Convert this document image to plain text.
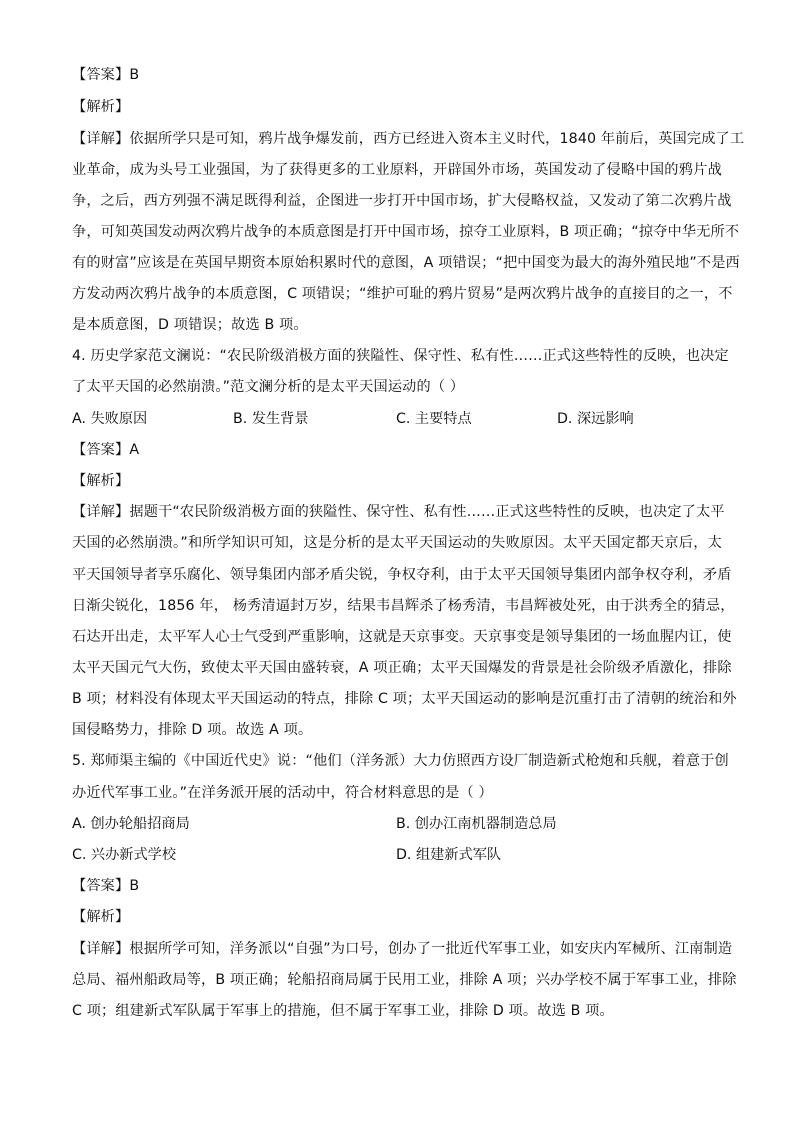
【答案】B
【解析】
【详解】依据所学只是可知，鸦片战争爆发前，西方已经进入资本主义时代，1840 年前后，英国完成了工
业革命，成为头号工业强国，为了获得更多的工业原料，开辟国外市场，英国发动了侵略中国的鸦片战
争，之后，西方列强不满足既得利益，企图进一步打开中国市场，扩大侵略权益，又发动了第二次鸦片战
争，可知英国发动两次鸦片战争的本质意图是打开中国市场，掠夺工业原料，B 项正确；“掠夺中华无所不
有的财富”应该是在英国早期资本原始积累时代的意图，A 项错误；“把中国变为最大的海外殖民地”不是西
方发动两次鸦片战争的本质意图，C 项错误；“维护可耻的鸦片贸易”是两次鸦片战争的直接目的之一，不
是本质意图，D 项错误；故选 B 项。
4. 历史学家范文澜说：“农民阶级消极方面的狭隘性、保守性、私有性……正式这些特性的反映，也决定
了太平天国的必然崩溃。”范文澜分析的是太平天国运动的（ ）
A. 失败原因	B. 发生背景	C. 主要特点	D. 深远影响
【答案】A
【解析】
【详解】据题干“农民阶级消极方面的狭隘性、保守性、私有性……正式这些特性的反映，也决定了太平
天国的必然崩溃。”和所学知识可知，这是分析的是太平天国运动的失败原因。太平天国定都天京后，太
平天国领导者享乐腐化、领导集团内部矛盾尖锐，争权夺利，由于太平天国领导集团内部争权夺利，矛盾
日渐尖锐化，1856 年， 杨秀清逼封万岁，结果韦昌辉杀了杨秀清，韦昌辉被处死，由于洪秀全的猜忌，
石达开出走，太平军人心士气受到严重影响，这就是天京事变。天京事变是领导集团的一场血腥内讧，使
太平天国元气大伤，致使太平天国由盛转衰，A 项正确；太平天国爆发的背景是社会阶级矛盾激化，排除
B 项；材料没有体现太平天国运动的特点，排除 C 项；太平天国运动的影响是沉重打击了清朝的统治和外
国侵略势力，排除 D 项。故选 A 项。
5. 郑师渠主编的《中国近代史》说：“他们（洋务派）大力仿照西方设厂制造新式枪炮和兵舰，着意于创
办近代军事工业。”在洋务派开展的活动中，符合材料意思的是（ ）
A. 创办轮船招商局	B. 创办江南机器制造总局
C. 兴办新式学校	D. 组建新式军队
【答案】B
【解析】
【详解】根据所学可知，洋务派以“自强”为口号，创办了一批近代军事工业，如安庆内军械所、江南制造
总局、福州船政局等，B 项正确；轮船招商局属于民用工业，排除 A 项；兴办学校不属于军事工业，排除
C 项；组建新式军队属于军事上的措施，但不属于军事工业，排除 D 项。故选 B 项。
